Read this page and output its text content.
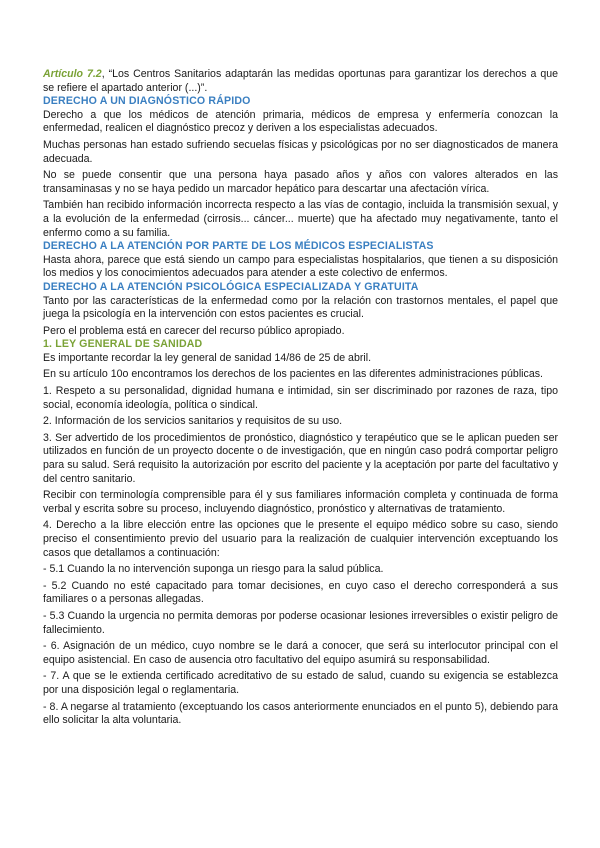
Artículo 7.2, “Los Centros Sanitarios adaptarán las medidas oportunas para garantizar los derechos a que se refiere el apartado anterior (...)”.

DERECHO A UN DIAGNÓSTICO RÁPIDO

Derecho a que los médicos de atención primaria, médicos de empresa y enfermería conozcan la enfermedad, realicen el diagnóstico precoz y deriven a los especialistas adecuados.

Muchas personas han estado sufriendo secuelas físicas y psicológicas por no ser diagnosticados de manera adecuada.

No se puede consentir que una persona haya pasado años y años con valores alterados en las transaminasas y no se haya pedido un marcador hepático para descartar una afectación vírica.

También han recibido información incorrecta respecto a las vías de contagio, incluida la transmisión sexual, y a la evolución de la enfermedad (cirrosis... cáncer... muerte) que ha afectado muy negativamente, tanto el enfermo como a su familia.

DERECHO A LA ATENCIÓN POR PARTE DE LOS MÉDICOS ESPECIALISTAS

Hasta ahora, parece que está siendo un campo para especialistas hospitalarios, que tienen a su disposición los medios y los conocimientos adecuados para atender a este colectivo de enfermos.

DERECHO A LA ATENCIÓN PSICOLÓGICA ESPECIALIZADA Y GRATUITA

Tanto por las características de la enfermedad como por la relación con trastornos mentales, el papel que juega la psicología en la intervención con estos pacientes es crucial.

Pero el problema está en carecer del recurso público apropiado.

1. LEY GENERAL DE SANIDAD

Es importante recordar la ley general de sanidad 14/86 de 25 de abril.

En su artículo 10o encontramos los derechos de los pacientes en las diferentes administraciones públicas.

1. Respeto a su personalidad, dignidad humana e intimidad, sin ser discriminado por razones de raza, tipo social, economía ideología, política o sindical.

2. Información de los servicios sanitarios y requisitos de su uso.

3. Ser advertido de los procedimientos de pronóstico, diagnóstico y terapéutico que se le aplican pueden ser utilizados en función de un proyecto docente o de investigación, que en ningún caso podrá comportar peligro para su salud. Será requisito la autorización por escrito del paciente y la aceptación por parte del facultativo y del centro sanitario.

Recibir con terminología comprensible para él y sus familiares información completa y continuada de forma verbal y escrita sobre su proceso, incluyendo diagnóstico, pronóstico y alternativas de tratamiento.

4. Derecho a la libre elección entre las opciones que le presente el equipo médico sobre su caso, siendo preciso el consentimiento previo del usuario para la realización de cualquier intervención exceptuando los casos que detallamos a continuación:

- 5.1 Cuando la no intervención suponga un riesgo para la salud pública.

- 5.2 Cuando no esté capacitado para tomar decisiones, en cuyo caso el derecho corresponderá a sus familiares o a personas allegadas.

- 5.3 Cuando la urgencia no permita demoras por poderse ocasionar lesiones irreversibles o existir peligro de fallecimiento.

- 6. Asignación de un médico, cuyo nombre se le dará a conocer, que será su interlocutor principal con el equipo asistencial. En caso de ausencia otro facultativo del equipo asumirá su responsabilidad.

- 7. A que se le extienda certificado acreditativo de su estado de salud, cuando su exigencia se establezca por una disposición legal o reglamentaria.

- 8. A negarse al tratamiento (exceptuando los casos anteriormente enunciados en el punto 5), debiendo para ello solicitar la alta voluntaria.
